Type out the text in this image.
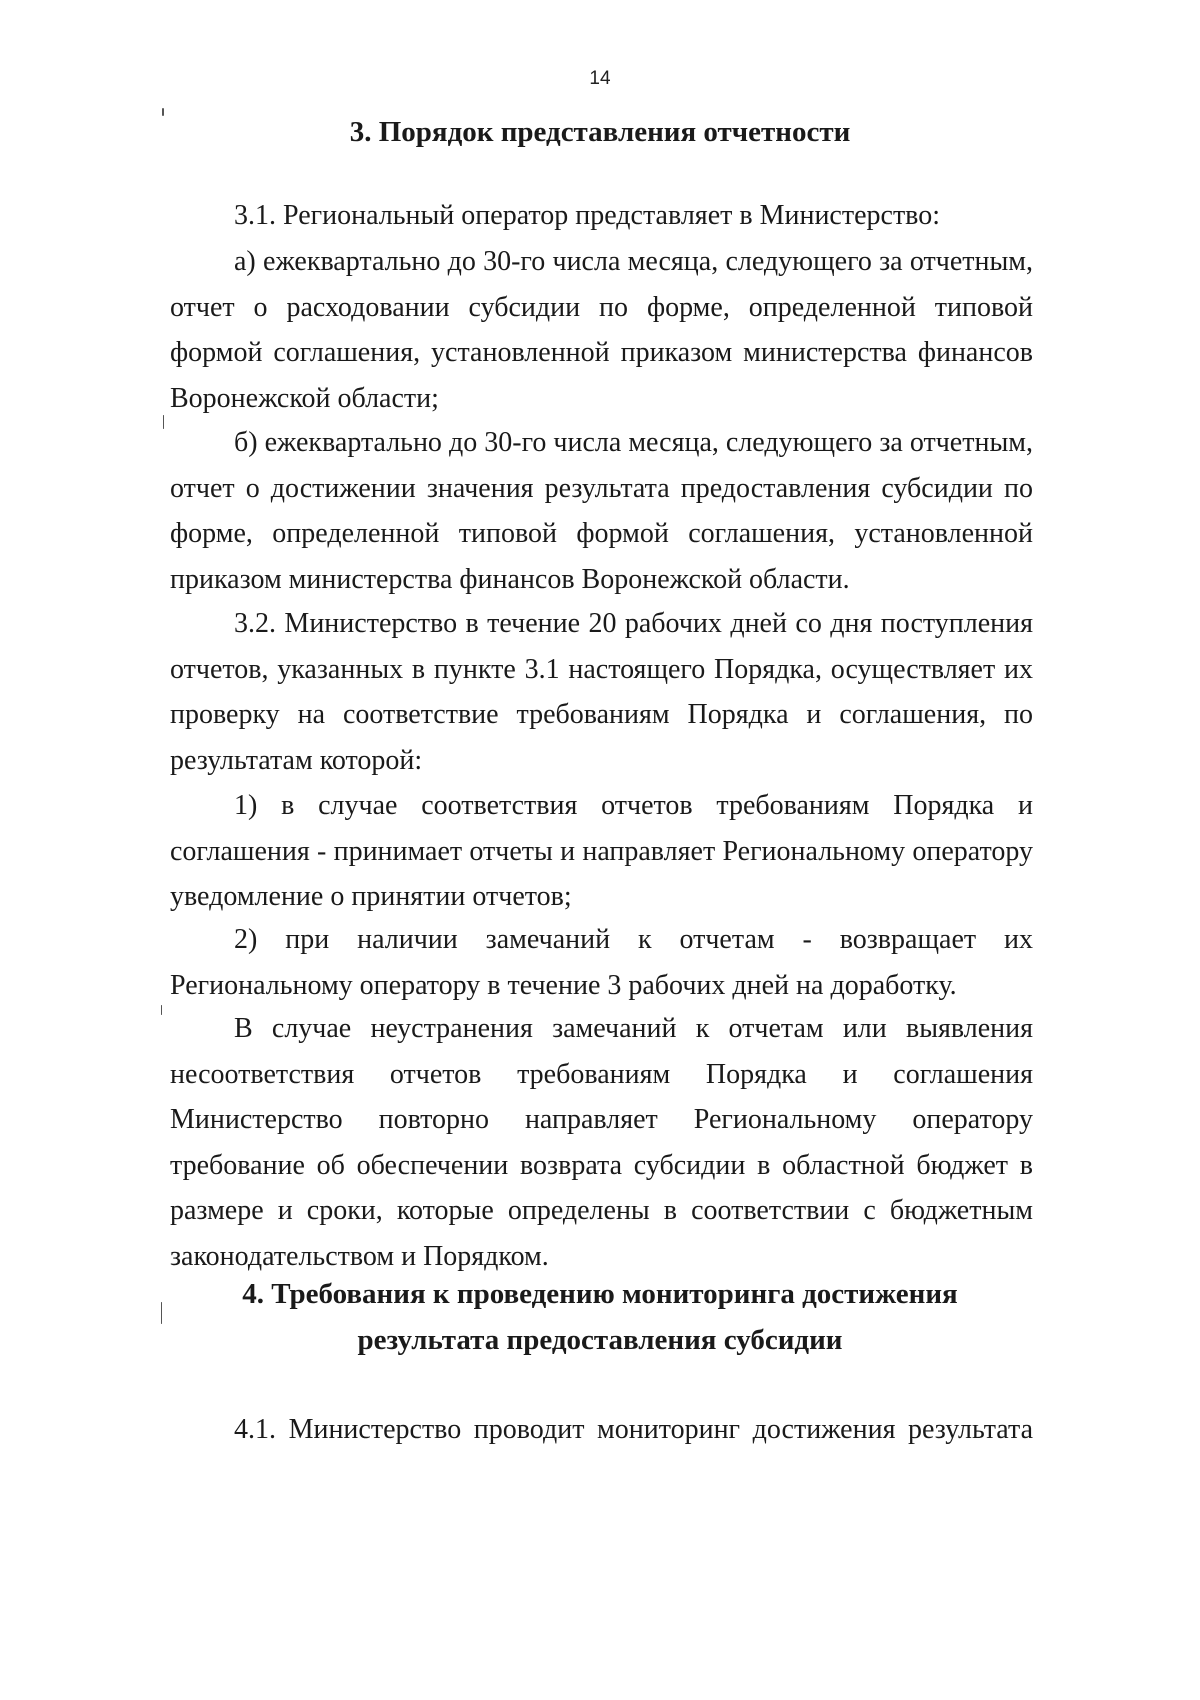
14
3. Порядок представления отчетности

3.1. Региональный оператор представляет в Министерство:

а) ежеквартально до 30-го числа месяца, следующего за отчетным, отчет о расходовании субсидии по форме, определенной типовой формой соглашения, установленной приказом министерства финансов Воронежской области;

б) ежеквартально до 30-го числа месяца, следующего за отчетным, отчет о достижении значения результата предоставления субсидии по форме, определенной типовой формой соглашения, установленной приказом министерства финансов Воронежской области.

3.2. Министерство в течение 20 рабочих дней со дня поступления отчетов, указанных в пункте 3.1 настоящего Порядка, осуществляет их проверку на соответствие требованиям Порядка и соглашения, по результатам которой:

1) в случае соответствия отчетов требованиям Порядка и соглашения - принимает отчеты и направляет Региональному оператору уведомление о принятии отчетов;

2) при наличии замечаний к отчетам - возвращает их Региональному оператору в течение 3 рабочих дней на доработку.

В случае неустранения замечаний к отчетам или выявления несоответствия отчетов требованиям Порядка и соглашения Министерство повторно направляет Региональному оператору требование об обеспечении возврата субсидии в областной бюджет в размере и сроки, которые определены в соответствии с бюджетным законодательством и Порядком.

4. Требования к проведению мониторинга достижения результата предоставления субсидии

4.1. Министерство проводит мониторинг достижения результата
